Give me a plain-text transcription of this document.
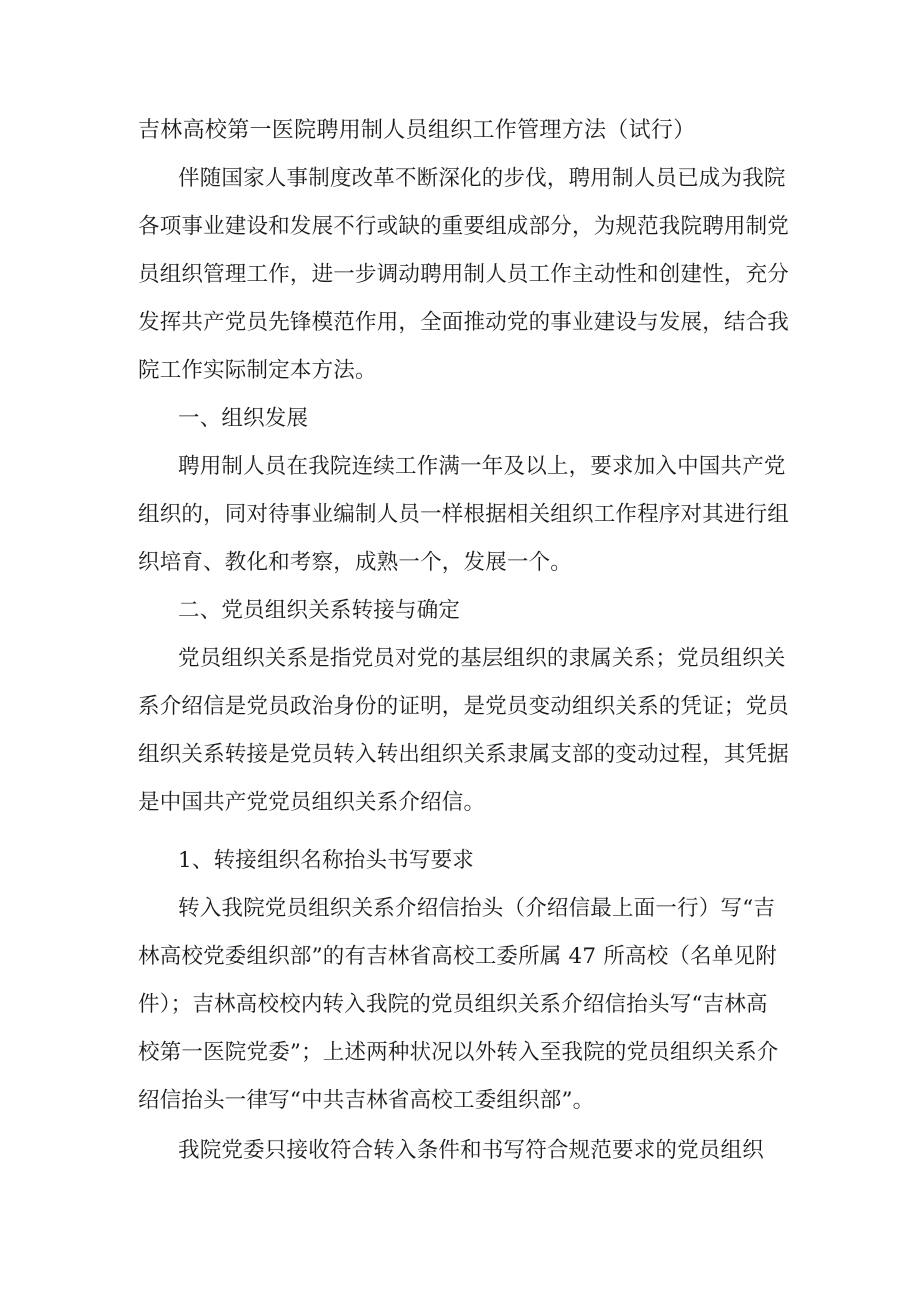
吉林高校第一医院聘用制人员组织工作管理方法（试行）
伴随国家人事制度改革不断深化的步伐，聘用制人员已成为我院
各项事业建设和发展不行或缺的重要组成部分，为规范我院聘用制党
员组织管理工作，进一步调动聘用制人员工作主动性和创建性，充分
发挥共产党员先锋模范作用，全面推动党的事业建设与发展，结合我
院工作实际制定本方法。
一、组织发展
聘用制人员在我院连续工作满一年及以上，要求加入中国共产党
组织的，同对待事业编制人员一样根据相关组织工作程序对其进行组
织培育、教化和考察，成熟一个，发展一个。
二、党员组织关系转接与确定
党员组织关系是指党员对党的基层组织的隶属关系；党员组织关
系介绍信是党员政治身份的证明，是党员变动组织关系的凭证；党员
组织关系转接是党员转入转出组织关系隶属支部的变动过程，其凭据
是中国共产党党员组织关系介绍信。
1、转接组织名称抬头书写要求
转入我院党员组织关系介绍信抬头（介绍信最上面一行）写“吉
林高校党委组织部”的有吉林省高校工委所属 47 所高校（名单见附
件）；吉林高校校内转入我院的党员组织关系介绍信抬头写“吉林高
校第一医院党委”；上述两种状况以外转入至我院的党员组织关系介
绍信抬头一律写“中共吉林省高校工委组织部”。
我院党委只接收符合转入条件和书写符合规范要求的党员组织
